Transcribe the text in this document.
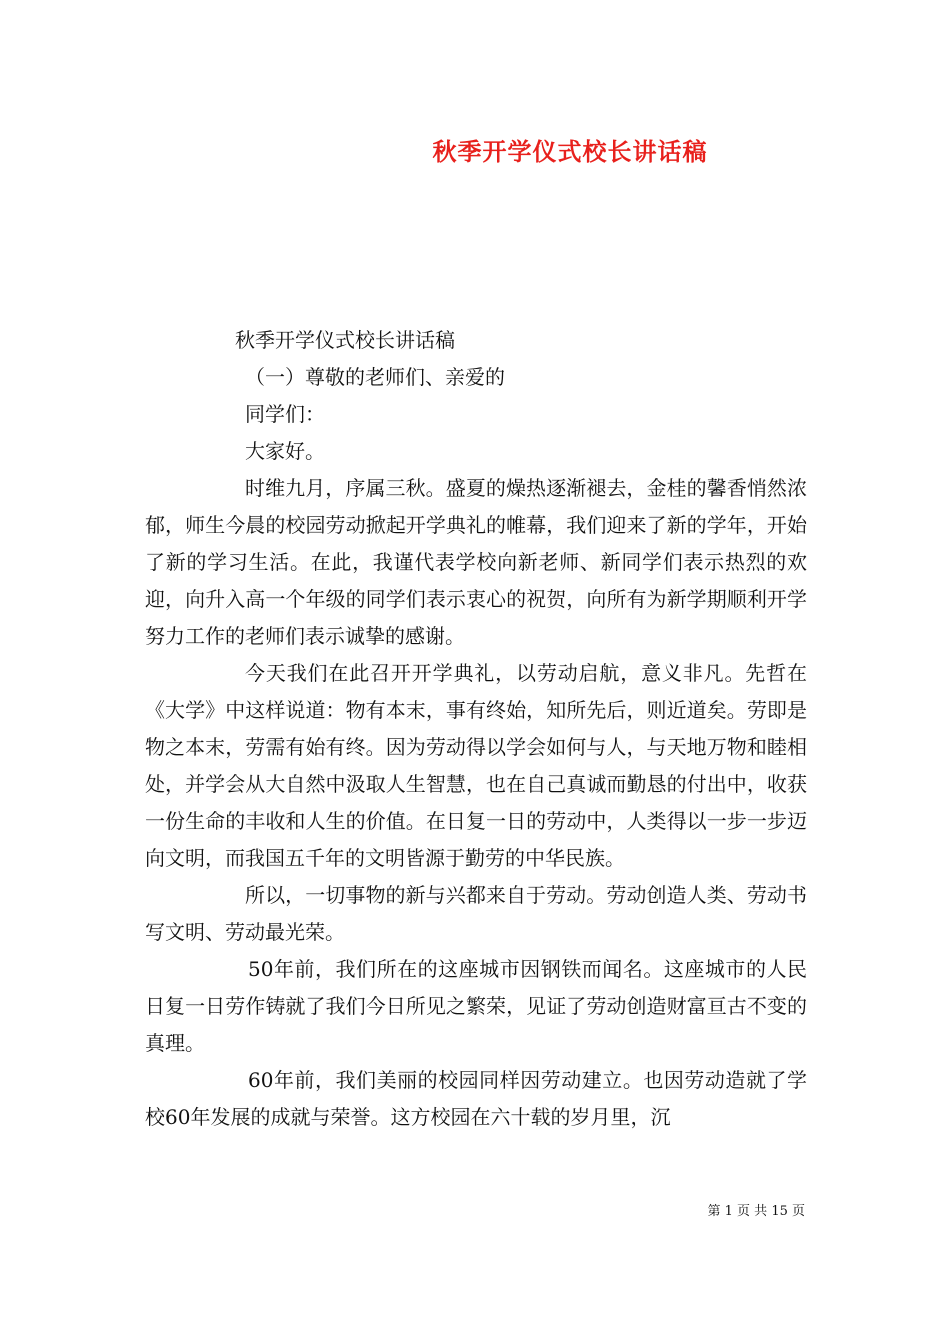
秋季开学仪式校长讲话稿
秋季开学仪式校长讲话稿
（一）尊敬的老师们、亲爱的
同学们：
大家好。

时维九月，序属三秋。盛夏的燥热逐渐褪去，金桂的馨香悄然浓郁，师生今晨的校园劳动掀起开学典礼的帷幕，我们迎来了新的学年，开始了新的学习生活。在此，我谨代表学校向新老师、新同学们表示热烈的欢迎，向升入高一个年级的同学们表示衷心的祝贺，向所有为新学期顺利开学努力工作的老师们表示诚挚的感谢。

今天我们在此召开开学典礼，以劳动启航，意义非凡。先哲在《大学》中这样说道：物有本末，事有终始，知所先后，则近道矣。劳即是物之本末，劳需有始有终。因为劳动得以学会如何与人，与天地万物和睦相处，并学会从大自然中汲取人生智慧，也在自己真诚而勤恳的付出中，收获一份生命的丰收和人生的价值。在日复一日的劳动中，人类得以一步一步迈向文明，而我国五千年的文明皆源于勤劳的中华民族。

所以，一切事物的新与兴都来自于劳动。劳动创造人类、劳动书写文明、劳动最光荣。

50年前，我们所在的这座城市因钢铁而闻名。这座城市的人民日复一日劳作铸就了我们今日所见之繁荣，见证了劳动创造财富亘古不变的真理。

60年前，我们美丽的校园同样因劳动建立。也因劳动造就了学校60年发展的成就与荣誉。这方校园在六十载的岁月里，沉

第 1 页 共 15 页
